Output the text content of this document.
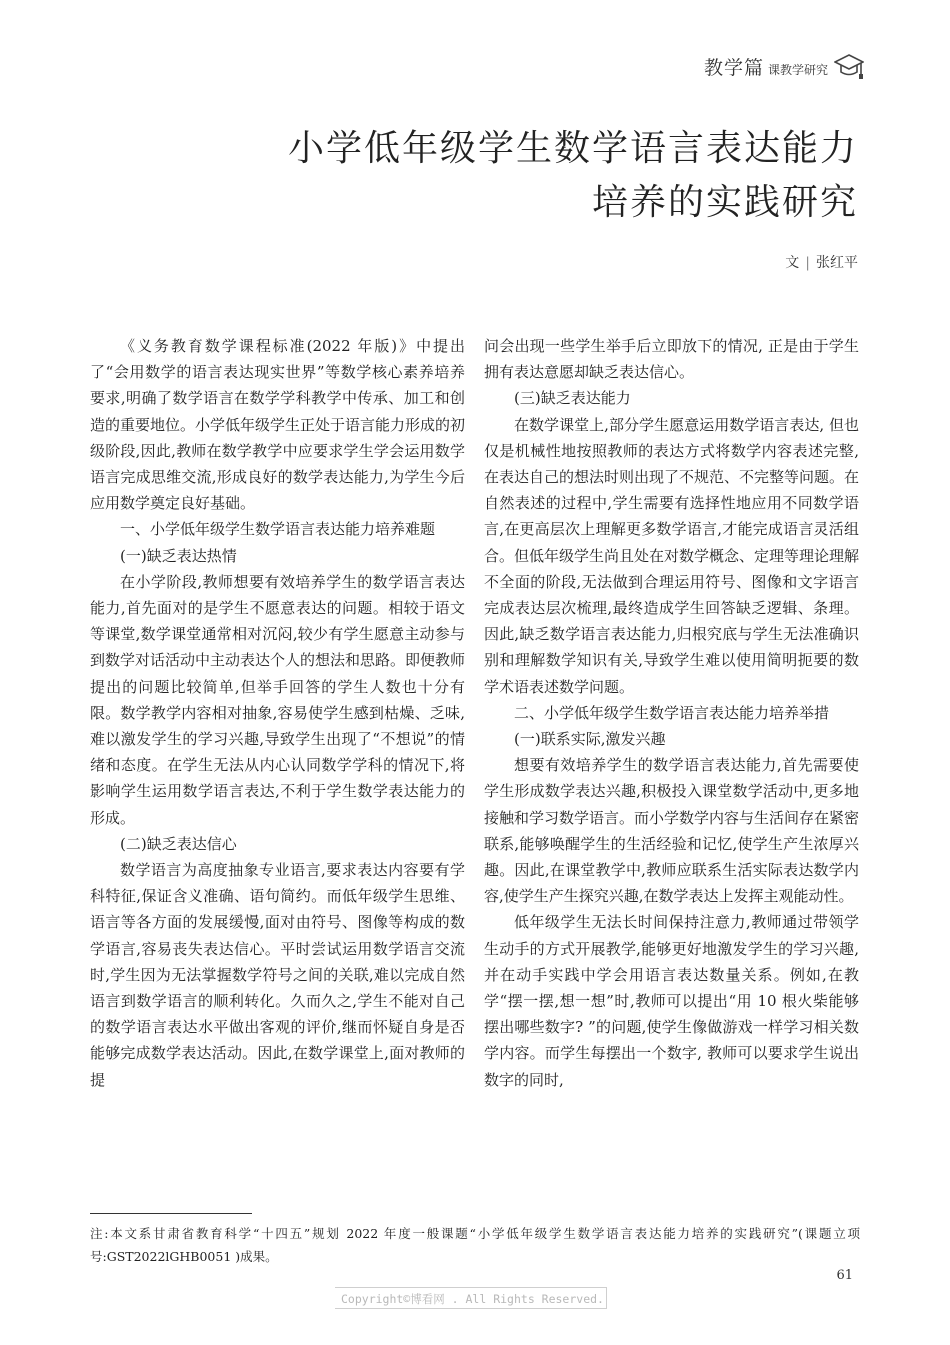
教学篇 课教学研究
小学低年级学生数学语言表达能力
培养的实践研究
文 | 张红平

《义务教育数学课程标准(2022 年版)》中提出了“会用数学的语言表达现实世界”等数学核心素养培养要求,明确了数学语言在数学学科教学中传承、加工和创造的重要地位。小学低年级学生正处于语言能力形成的初级阶段,因此,教师在数学教学中应要求学生学会运用数学语言完成思维交流,形成良好的数学表达能力,为学生今后应用数学奠定良好基础。

一、小学低年级学生数学语言表达能力培养难题

(一)缺乏表达热情

在小学阶段,教师想要有效培养学生的数学语言表达能力,首先面对的是学生不愿意表达的问题。相较于语文等课堂,数学课堂通常相对沉闷,较少有学生愿意主动参与到数学对话活动中主动表达个人的想法和思路。即便教师提出的问题比较简单,但举手回答的学生人数也十分有限。数学教学内容相对抽象,容易使学生感到枯燥、乏味,难以激发学生的学习兴趣,导致学生出现了“不想说”的情绪和态度。在学生无法从内心认同数学学科的情况下,将影响学生运用数学语言表达,不利于学生数学表达能力的形成。

(二)缺乏表达信心

数学语言为高度抽象专业语言,要求表达内容要有学科特征,保证含义准确、语句简约。而低年级学生思维、语言等各方面的发展缓慢,面对由符号、图像等构成的数学语言,容易丧失表达信心。平时尝试运用数学语言交流时,学生因为无法掌握数学符号之间的关联,难以完成自然语言到数学语言的顺利转化。久而久之,学生不能对自己的数学语言表达水平做出客观的评价,继而怀疑自身是否能够完成数学表达活动。因此,在数学课堂上,面对教师的提

问会出现一些学生举手后立即放下的情况, 正是由于学生拥有表达意愿却缺乏表达信心。

(三)缺乏表达能力

在数学课堂上,部分学生愿意运用数学语言表达, 但也仅是机械性地按照教师的表达方式将数学内容表述完整,在表达自己的想法时则出现了不规范、不完整等问题。在自然表述的过程中,学生需要有选择性地应用不同数学语言,在更高层次上理解更多数学语言,才能完成语言灵活组合。但低年级学生尚且处在对数学概念、定理等理论理解不全面的阶段,无法做到合理运用符号、图像和文字语言完成表达层次梳理,最终造成学生回答缺乏逻辑、条理。因此,缺乏数学语言表达能力,归根究底与学生无法准确识别和理解数学知识有关,导致学生难以使用简明扼要的数学术语表述数学问题。

二、小学低年级学生数学语言表达能力培养举措

(一)联系实际,激发兴趣

想要有效培养学生的数学语言表达能力,首先需要使学生形成数学表达兴趣,积极投入课堂数学活动中,更多地接触和学习数学语言。而小学数学内容与生活间存在紧密联系,能够唤醒学生的生活经验和记忆,使学生产生浓厚兴趣。因此,在课堂教学中,教师应联系生活实际表达数学内容,使学生产生探究兴趣,在数学表达上发挥主观能动性。

低年级学生无法长时间保持注意力,教师通过带领学生动手的方式开展教学,能够更好地激发学生的学习兴趣,并在动手实践中学会用语言表达数量关系。例如,在教学“摆一摆,想一想”时,教师可以提出“用 10 根火柴能够摆出哪些数字? ”的问题,使学生像做游戏一样学习相关数学内容。而学生每摆出一个数字, 教师可以要求学生说出数字的同时,

注:本文系甘肃省教育科学“十四五”规划 2022 年度一般课题“小学低年级学生数学语言表达能力培养的实践研究”(课题立项号:GST2022lGHB0051 )成果。
61
Copyright©博看网 . All Rights Reserved.
